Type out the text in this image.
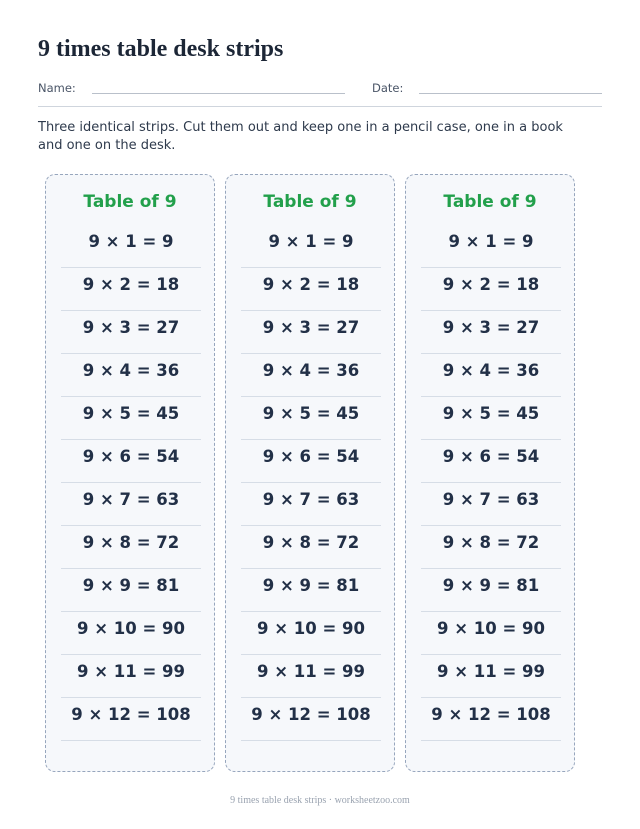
9 times table desk strips
Name:	Date:

Three identical strips. Cut them out and keep one in a pencil case, one in a book and one on the desk.

Table of 9
9 × 1 = 9
9 × 2 = 18
9 × 3 = 27
9 × 4 = 36
9 × 5 = 45
9 × 6 = 54
9 × 7 = 63
9 × 8 = 72
9 × 9 = 81
9 × 10 = 90
9 × 11 = 99
9 × 12 = 108
Table of 9
9 × 1 = 9
9 × 2 = 18
9 × 3 = 27
9 × 4 = 36
9 × 5 = 45
9 × 6 = 54
9 × 7 = 63
9 × 8 = 72
9 × 9 = 81
9 × 10 = 90
9 × 11 = 99
9 × 12 = 108
Table of 9
9 × 1 = 9
9 × 2 = 18
9 × 3 = 27
9 × 4 = 36
9 × 5 = 45
9 × 6 = 54
9 × 7 = 63
9 × 8 = 72
9 × 9 = 81
9 × 10 = 90
9 × 11 = 99
9 × 12 = 108
9 times table desk strips · worksheetzoo.com
